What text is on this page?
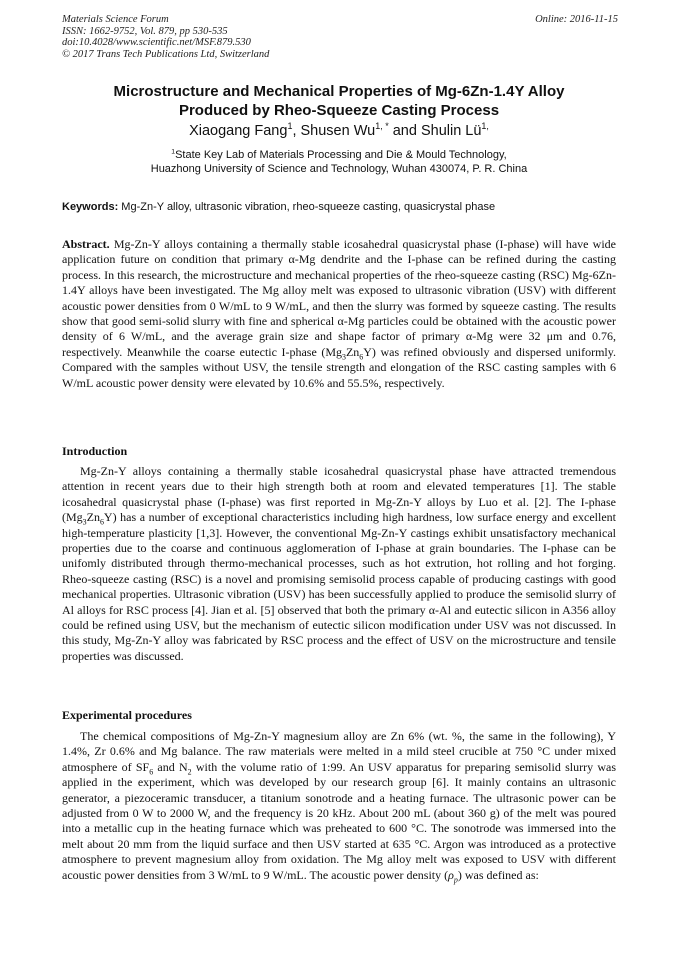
Materials Science Forum
ISSN: 1662-9752, Vol. 879, pp 530-535
doi:10.4028/www.scientific.net/MSF.879.530
© 2017 Trans Tech Publications Ltd, Switzerland
Online: 2016-11-15
Microstructure and Mechanical Properties of Mg-6Zn-1.4Y Alloy
Produced by Rheo-Squeeze Casting Process
Xiaogang Fang$^1$, Shusen $Wu^{1, *}$ and Shulin $Lü^{1,}$
$^1$State Key Lab of Materials Processing and Die & Mould Technology,
Huazhong University of Science and Technology, Wuhan 430074, P. R. China
Keywords: Mg-Zn-Y alloy, ultrasonic vibration, rheo-squeeze casting, quasicrystal phase
Abstract. Mg-Zn-Y alloys containing a thermally stable icosahedral quasicrystal phase (I-phase) will have wide application future on condition that primary α-Mg dendrite and the I-phase can be refined during the casting process. In this research, the microstructure and mechanical properties of the rheo-squeeze casting (RSC) Mg-6Zn-1.4Y alloys have been investigated. The Mg alloy melt was exposed to ultrasonic vibration (USV) with different acoustic power densities from 0 W/mL to 9 W/mL, and then the slurry was formed by squeeze casting. The results show that good semi-solid slurry with fine and spherical α-Mg particles could be obtained with the acoustic power density of 6 W/mL, and the average grain size and shape factor of primary α-Mg were 32 μm and 0.76, respectively. Meanwhile the coarse eutectic I-phase $(Mg_3Zn_6Y)$ was refined obviously and dispersed uniformly. Compared with the samples without USV, the tensile strength and elongation of the RSC casting samples with 6 W/mL acoustic power density were elevated by 10.6% and 55.5%, respectively.
Introduction

Mg-Zn-Y alloys containing a thermally stable icosahedral quasicrystal phase have attracted tremendous attention in recent years due to their high strength both at room and elevated temperatures [1]. The stable icosahedral quasicrystal phase (I-phase) was first reported in Mg-Zn-Y alloys by Luo et al. [2]. The I-phase $(Mg_3Zn_6Y)$ has a number of exceptional characteristics including high hardness, low surface energy and excellent high-temperature plasticity [1,3]. However, the conventional Mg-Zn-Y castings exhibit unsatisfactory mechanical properties due to the coarse and continuous agglomeration of I-phase at grain boundaries. The I-phase can be unifomly distributed through thermo-mechanical processes, such as hot extrution, hot rolling and hot forging. Rheo-squeeze casting (RSC) is a novel and promising semisolid process capable of producing castings with good mechanical properties. Ultrasonic vibration (USV) has been successfully applied to produce the semisolid slurry of Al alloys for RSC process [4]. Jian et al. [5] observed that both the primary α-Al and eutectic silicon in A356 alloy could be refined using USV, but the mechanism of eutectic silicon modification under USV was not discussed. In this study, Mg-Zn-Y alloy was fabricated by RSC process and the effect of USV on the microstructure and tensile properties was discussed.

Experimental procedures

The chemical compositions of Mg-Zn-Y magnesium alloy are Zn 6% (wt. %, the same in the following), Y 1.4%, Zr 0.6% and Mg balance. The raw materials were melted in a mild steel crucible at 750 °C under mixed atmosphere of $SF_6$ and $N_2$ with the volume ratio of 1:99. An USV apparatus for preparing semisolid slurry was applied in the experiment, which was developed by our research group [6]. It mainly contains an ultrasonic generator, a piezoceramic transducer, a titanium sonotrode and a heating furnace. The ultrasonic power can be adjusted from 0 W to 2000 W, and the frequency is 20 kHz. About 200 mL (about 360 g) of the melt was poured into a metallic cup in the heating furnace which was preheated to 600 °C. The sonotrode was immersed into the melt about 20 mm from the liquid surface and then USV started at 635 °C. Argon was introduced as a protective atmosphere to prevent magnesium alloy from oxidation. The Mg alloy melt was exposed to USV with different acoustic power densities from 3 W/mL to 9 W/mL. The acoustic power density $(\rho_p)$ was defined as:
